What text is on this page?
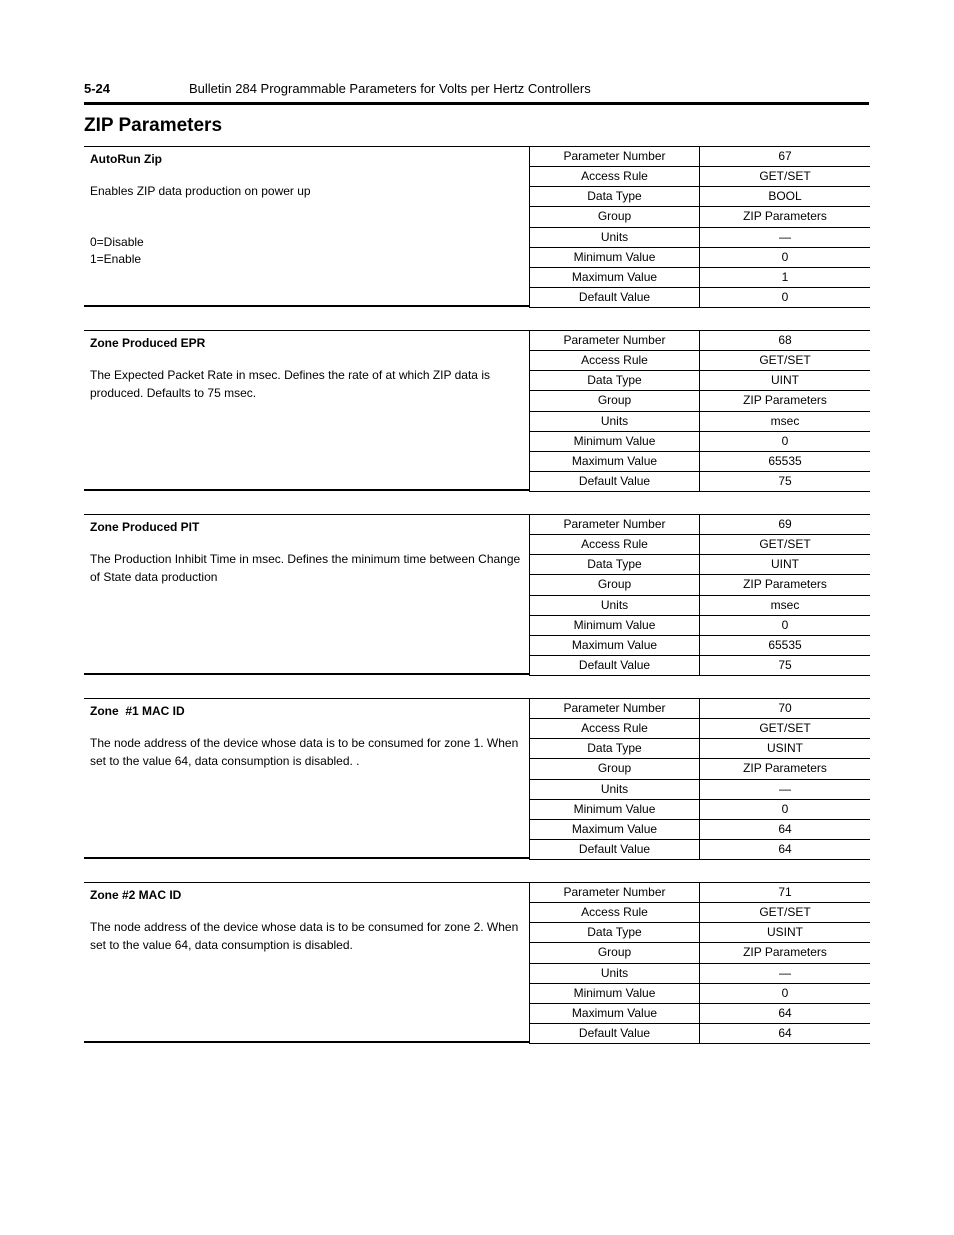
5-24	Bulletin 284 Programmable Parameters for Volts per Hertz Controllers
ZIP Parameters
AutoRun Zip
Enables ZIP data production on power up
0=Disable
1=Enable
Parameter Number	67
Access Rule	GET/SET
Data Type	BOOL
Group	ZIP Parameters
Units	—
Minimum Value	0
Maximum Value	1
Default Value	0
Zone Produced EPR
The Expected Packet Rate in msec. Defines the rate of at which ZIP data is produced. Defaults to 75 msec.
Parameter Number	68
Access Rule	GET/SET
Data Type	UINT
Group	ZIP Parameters
Units	msec
Minimum Value	0
Maximum Value	65535
Default Value	75
Zone Produced PIT
The Production Inhibit Time in msec. Defines the minimum time between Change of State data production
Parameter Number	69
Access Rule	GET/SET
Data Type	UINT
Group	ZIP Parameters
Units	msec
Minimum Value	0
Maximum Value	65535
Default Value	75
Zone  #1 MAC ID
The node address of the device whose data is to be consumed for zone 1. When set to the value 64, data consumption is disabled. .
Parameter Number	70
Access Rule	GET/SET
Data Type	USINT
Group	ZIP Parameters
Units	—
Minimum Value	0
Maximum Value	64
Default Value	64
Zone #2 MAC ID
The node address of the device whose data is to be consumed for zone 2. When set to the value 64, data consumption is disabled.
Parameter Number	71
Access Rule	GET/SET
Data Type	USINT
Group	ZIP Parameters
Units	—
Minimum Value	0
Maximum Value	64
Default Value	64
